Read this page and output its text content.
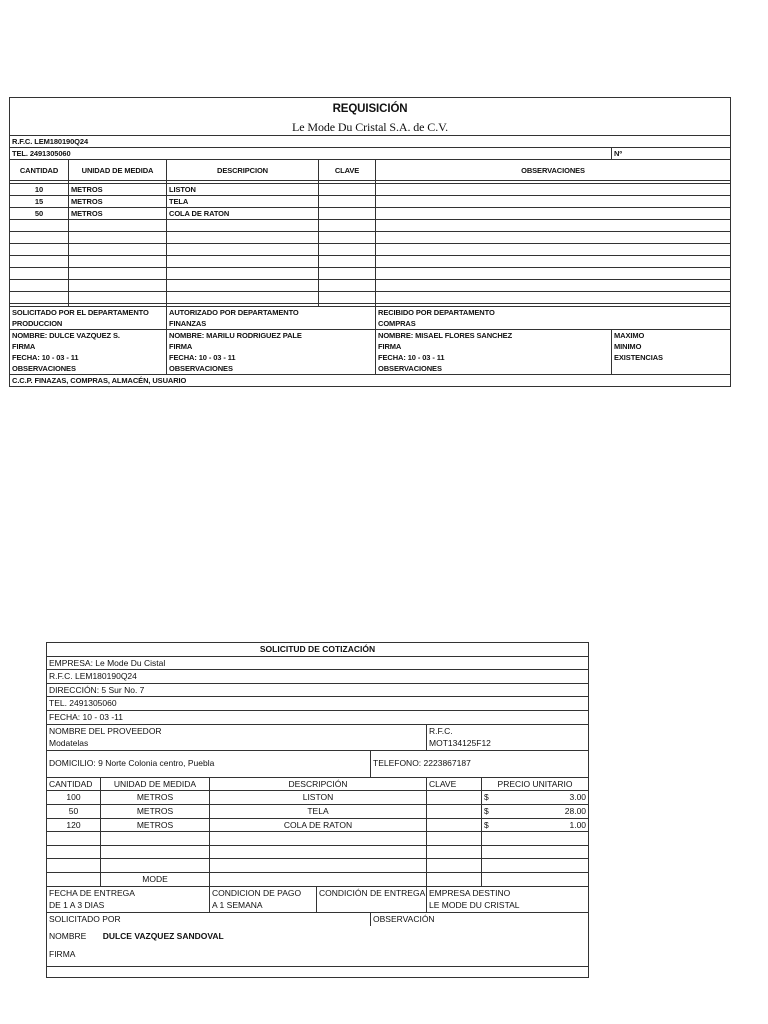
REQUISICIÓN					
Le Mode Du Cristal S.A. de C.V.					
R.F.C. LEM180190Q24					
TEL. 2491305060					Nº
CANTIDAD	UNIDAD DE MEDIDA	DESCRIPCION	CLAVE	OBSERVACIONES	

10	METROS	LISTON			
15	METROS	TELA			
50	METROS	COLA DE RATON			

SOLICITADO POR EL DEPARTAMENTO		AUTORIZADO POR DEPARTAMENTO		RECIBIDO POR DEPARTAMENTO	
PRODUCCION		FINANZAS		COMPRAS	
NOMBRE: DULCE VAZQUEZ S.		NOMBRE: MARILU RODRIGUEZ PALE		NOMBRE: MISAEL FLORES SANCHEZ	MAXIMO
FIRMA		FIRMA		FIRMA	MINIMO
FECHA: 10 - 03 - 11		FECHA: 10 - 03 - 11		FECHA: 10 - 03 - 11	EXISTENCIAS
OBSERVACIONES		OBSERVACIONES		OBSERVACIONES	
C.C.P. FINAZAS, COMPRAS, ALMACÉN, USUARIO					
SOLICITUD DE COTIZACIÓN						
EMPRESA: Le Mode Du Cistal						
R.F.C. LEM180190Q24						
DIRECCIÓN: 5 Sur No. 7						
TEL. 2491305060						
FECHA: 10 - 03 -11						
NOMBRE DEL PROVEEDOR					R.F.C.	
Modatelas					MOT134125F12	
DOMICILIO: 9 Norte Colonia centro, Puebla				TELEFONO: 2223867187		
CANTIDAD	UNIDAD DE MEDIDA	DESCRIPCIÓN			CLAVE	PRECIO UNITARIO
100	METROS	LISTON				$ 3.00

50	METROS	TELA				$ 28.00

120	METROS	COLA DE RATON				$ 1.00

	MODE					
FECHA DE ENTREGA		CONDICION DE PAGO	CONDICIÓN DE ENTREGA		EMPRESA DESTINO	
DE 1 A 3 DIAS		A 1 SEMANA			LE MODE DU CRISTAL	
SOLICITADO POR				OBSERVACIÓN		
NOMBRE DULCE VAZQUEZ SANDOVAL						
FIRMA						
